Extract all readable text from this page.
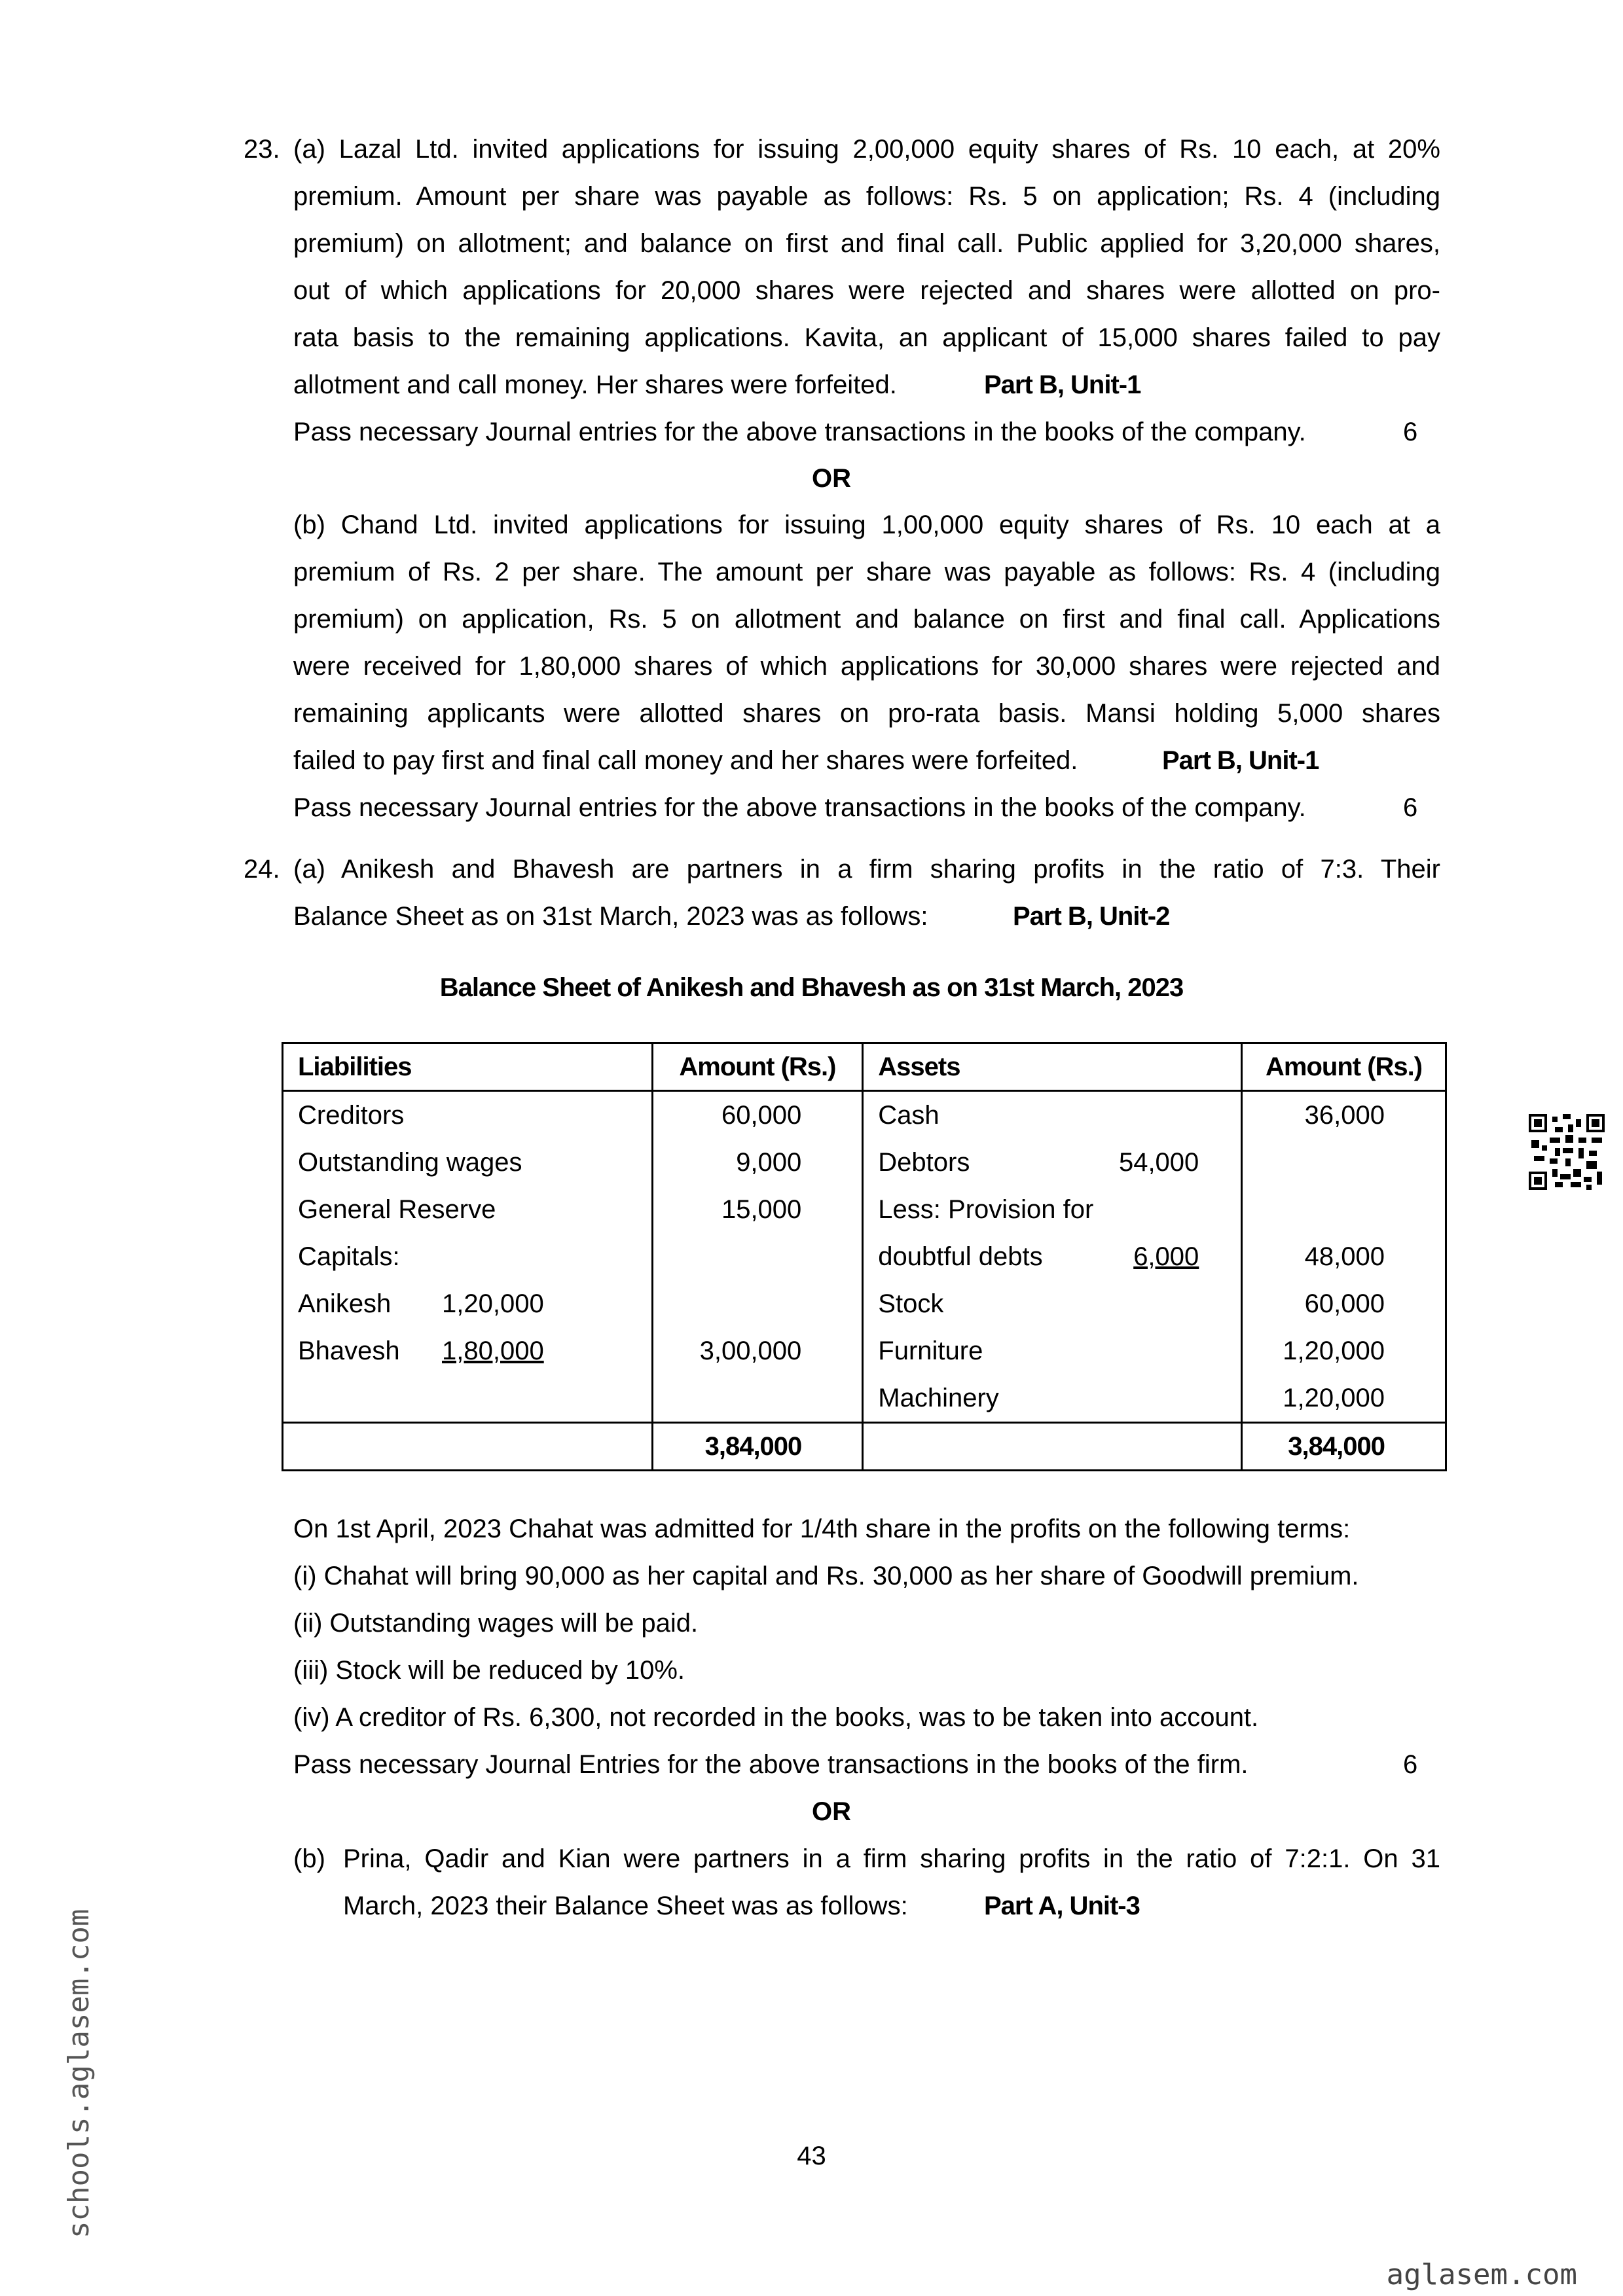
23. (a) Lazal Ltd. invited applications for issuing 2,00,000 equity shares of Rs. 10 each, at 20%
premium. Amount per share was payable as follows: Rs. 5 on application; Rs. 4 (including
premium) on allotment; and balance on first and final call. Public applied for 3,20,000 shares,
out of which applications for 20,000 shares were rejected and shares were allotted on pro-
rata basis to the remaining applications. Kavita, an applicant of 15,000 shares failed to pay
allotment and call money. Her shares were forfeited.	Part B, Unit-1
Pass necessary Journal entries for the above transactions in the books of the company.	6
OR
(b) Chand Ltd. invited applications for issuing 1,00,000 equity shares of Rs. 10 each at a
premium of Rs. 2 per share. The amount per share was payable as follows: Rs. 4 (including
premium) on application, Rs. 5 on allotment and balance on first and final call. Applications
were received for 1,80,000 shares of which applications for 30,000 shares were rejected and
remaining applicants were allotted shares on pro-rata basis. Mansi holding 5,000 shares
failed to pay first and final call money and her shares were forfeited.	Part B, Unit-1
Pass necessary Journal entries for the above transactions in the books of the company.	6
24. (a) Anikesh and Bhavesh are partners in a firm sharing profits in the ratio of 7:3. Their
Balance Sheet as on 31st March, 2023 was as follows:	Part B, Unit-2
Balance Sheet of Anikesh and Bhavesh as on 31st March, 2023
Liabilities	Amount (Rs.)	Assets	Amount (Rs.)
Creditors	60,000	Cash	36,000
Outstanding wages	9,000	Debtors 54,000	
General Reserve	15,000	Less: Provision for	
Capitals:		doubtful debts 6,000	48,000
Anikesh 1,20,000		Stock	60,000
Bhavesh 1,80,000	3,00,000	Furniture	1,20,000
		Machinery	1,20,000
	3,84,000		3,84,000
On 1st April, 2023 Chahat was admitted for 1/4th share in the profits on the following terms:
(i) Chahat will bring 90,000 as her capital and Rs. 30,000 as her share of Goodwill premium.
(ii) Outstanding wages will be paid.
(iii) Stock will be reduced by 10%.
(iv) A creditor of Rs. 6,300, not recorded in the books, was to be taken into account.
Pass necessary Journal Entries for the above transactions in the books of the firm.	6
OR
(b) Prina, Qadir and Kian were partners in a firm sharing profits in the ratio of 7:2:1. On 31
March, 2023 their Balance Sheet was as follows:	Part A, Unit-3
43
schools.aglasem.com
aglasem.com
